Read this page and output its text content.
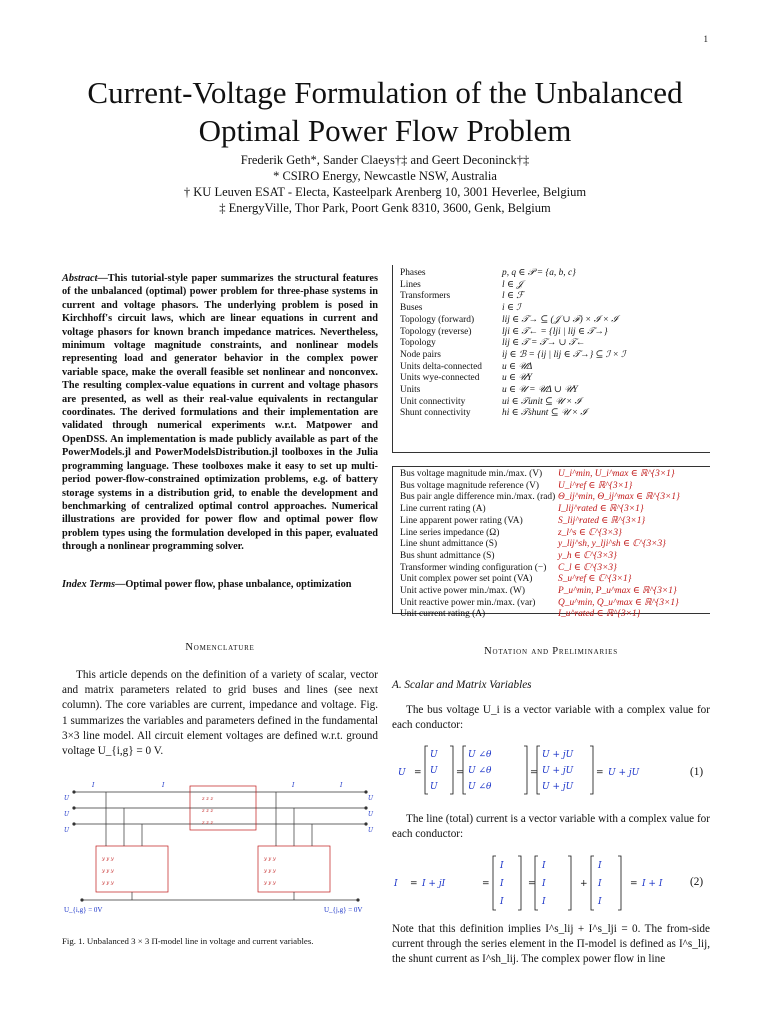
1
Current-Voltage Formulation of the Unbalanced Optimal Power Flow Problem
Frederik Geth*, Sander Claeys†‡ and Geert Deconinck†‡
* CSIRO Energy, Newcastle NSW, Australia
† KU Leuven ESAT - Electa, Kasteelpark Arenberg 10, 3001 Heverlee, Belgium
‡ EnergyVille, Thor Park, Poort Genk 8310, 3600, Genk, Belgium
Abstract—This tutorial-style paper summarizes the structural features of the unbalanced (optimal) power problem for three-phase systems in current and voltage phasors. The underlying problem is posed in Kirchhoff's circuit laws, which are linear equations in current and voltage phasors for known branch impedance matrices. Nevertheless, minimum voltage magnitude constraints, and nonlinear models representing load and generator behavior in the complex power variable space, make the overall feasible set nonlinear and nonconvex. The resulting complex-value equations in current and voltage phasors are presented, as well as their real-value equivalents in rectangular coordinates. The derived formulations and their implementation are validated through numerical experiments w.r.t. Matpower and OpenDSS. An implementation is made publicly available as part of the PowerModels.jl and PowerModelsDistribution.jl toolboxes in the Julia programming language. These toolboxes make it easy to set up multi-period power-flow-constrained optimization problems, e.g. of battery storage systems in a distribution grid, to enable the development and benchmarking of centralized optimal control approaches. Numerical illustrations are provided for power flow and optimal power flow problem types using the formulation developed in this paper, evaluated through a nonlinear programming solver.
Index Terms—Optimal power flow, phase unbalance, optimization
Phases	p, q ∈ 𝒫 = {a, b, c}
Lines	l ∈ 𝒥
Transformers	l ∈ ℱ
Buses	i ∈ ℐ
Topology (forward)	lij ∈ 𝒯→ ⊆ (𝒥 ∪ ℱ) × ℐ × ℐ
Topology (reverse)	lji ∈ 𝒯← = {lji | lij ∈ 𝒯→}
Topology	lij ∈ 𝒯 = 𝒯→ ∪ 𝒯←
Node pairs	ij ∈ ℬ = {ij | lij ∈ 𝒯→} ⊆ ℐ × ℐ
Units delta-connected	u ∈ 𝒰Δ
Units wye-connected	u ∈ 𝒰Y
Units	u ∈ 𝒰 = 𝒰Δ ∪ 𝒰Y
Unit connectivity	ui ∈ 𝒯unit ⊆ 𝒰 × ℐ
Shunt connectivity	hi ∈ 𝒯shunt ⊆ 𝒰 × ℐ
Bus voltage magnitude min./max. (V)	U_i^min, U_i^max ∈ ℝ^{3×1}
Bus voltage magnitude reference (V)	U_i^ref ∈ ℝ^{3×1}
Bus pair angle difference min./max. (rad)	Θ_ij^min, Θ_ij^max ∈ ℝ^{3×1}
Line current rating (A)	I_lij^rated ∈ ℝ^{3×1}
Line apparent power rating (VA)	S_lij^rated ∈ ℝ^{3×1}
Line series impedance (Ω)	z_l^s ∈ ℂ^{3×3}
Line shunt admittance (S)	y_lij^sh, y_lji^sh ∈ ℂ^{3×3}
Bus shunt admittance (S)	y_h ∈ ℂ^{3×3}
Transformer winding configuration (−)	C_l ∈ ℂ^{3×3}
Unit complex power set point (VA)	S_u^ref ∈ ℂ^{3×1}
Unit active power min./max. (W)	P_u^min, P_u^max ∈ ℝ^{3×1}
Unit reactive power min./max. (var)	Q_u^min, Q_u^max ∈ ℝ^{3×1}
Unit current rating (A)	I_u^rated ∈ ℝ^{3×1}
Nomenclature
This article depends on the definition of a variety of scalar, vector and matrix parameters related to grid buses and lines (see next column). The core variables are current, impedance and voltage. Fig. 1 summarizes the variables and parameters defined in the fundamental 3×3 line model. All circuit element voltages are defined w.r.t. ground voltage U_{i,g} = 0 V.
U
U
U
U
U
U
I	I	I	I
z z z
z z z
z z z
y y y
y y y
y y y
y y y
y y y
y y y
U_{i,g} = 0V	U_{j,g} = 0V
Fig. 1. Unbalanced 3 × 3 Π-model line in voltage and current variables.
Notation and Preliminaries
A. Scalar and Matrix Variables
The bus voltage U_i is a vector variable with a complex value for each conductor:
U
U
U
U
U ∠θ
U ∠θ
U ∠θ
U + jU
U + jU
U + jU
U + jU
=	=	=	=	(1)
The line (total) current is a vector variable with a complex value for each conductor:
I	I + jI
I
I
I
I
I
I
I
I
I
I + I
=	=	=	+	=	(2)
Note that this definition implies I^s_lij + I^s_lji = 0. The from-side current through the series element in the Π-model is defined as I^s_lij, the shunt current as I^sh_lij. The complex power flow in line
